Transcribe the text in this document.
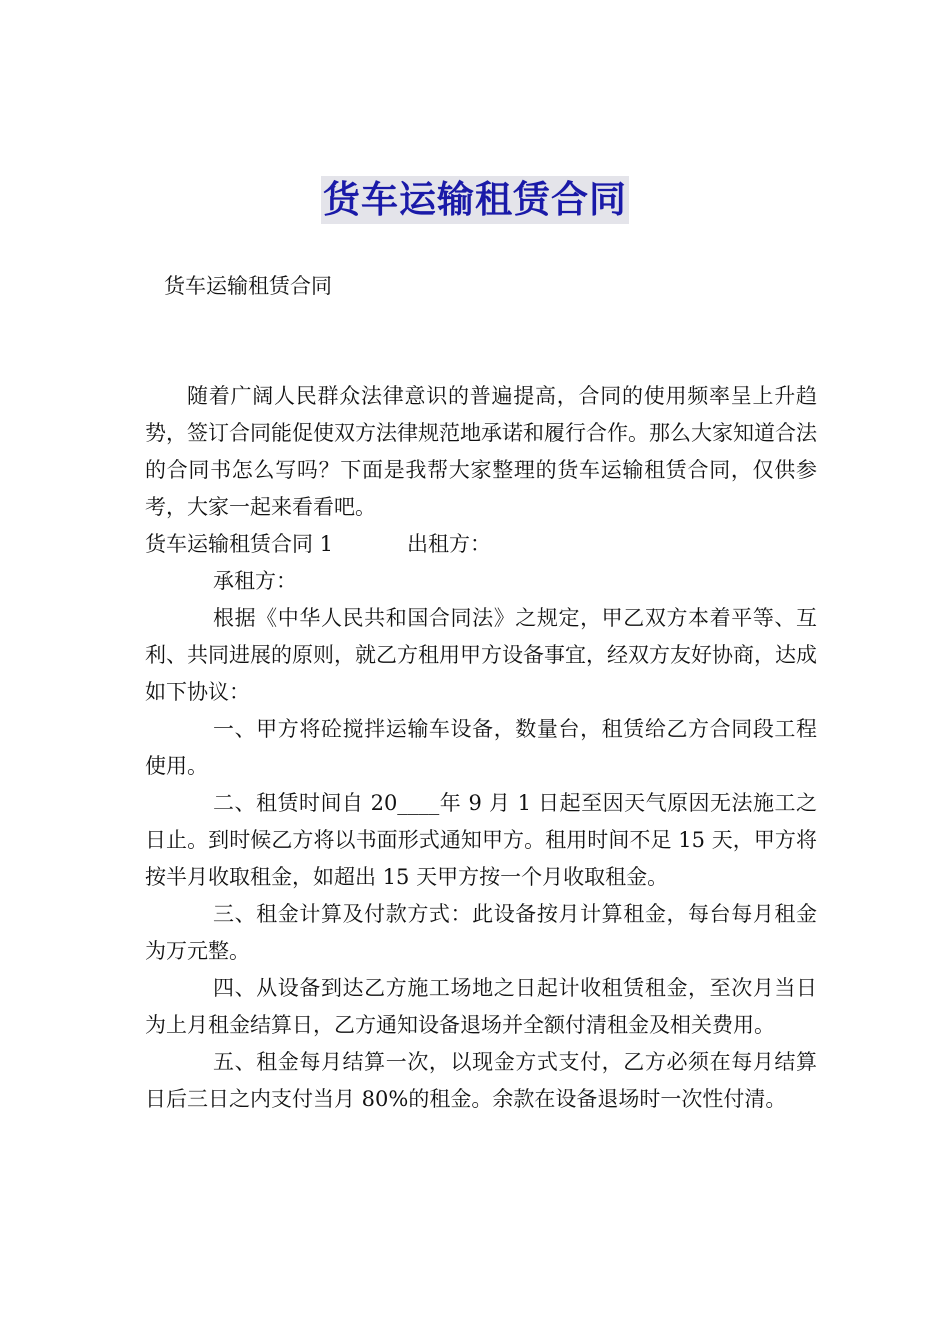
货车运输租赁合同
货车运输租赁合同

随着广阔人民群众法律意识的普遍提高，合同的使用频率呈上升趋势，签订合同能促使双方法律规范地承诺和履行合作。那么大家知道合法的合同书怎么写吗？下面是我帮大家整理的货车运输租赁合同，仅供参考，大家一起来看看吧。

货车运输租赁合同 1	出租方：

承租方：

根据《中华人民共和国合同法》之规定，甲乙双方本着平等、互利、共同进展的原则，就乙方租用甲方设备事宜，经双方友好协商，达成如下协议：

一、甲方将砼搅拌运输车设备，数量台，租赁给乙方合同段工程使用。

二、租赁时间自 20____年 9 月 1 日起至因天气原因无法施工之日止。到时候乙方将以书面形式通知甲方。租用时间不足 15 天，甲方将按半月收取租金，如超出 15 天甲方按一个月收取租金。

三、租金计算及付款方式：此设备按月计算租金，每台每月租金为万元整。

四、从设备到达乙方施工场地之日起计收租赁租金，至次月当日为上月租金结算日，乙方通知设备退场并全额付清租金及相关费用。

五、租金每月结算一次，以现金方式支付，乙方必须在每月结算日后三日之内支付当月 80%的租金。余款在设备退场时一次性付清。
